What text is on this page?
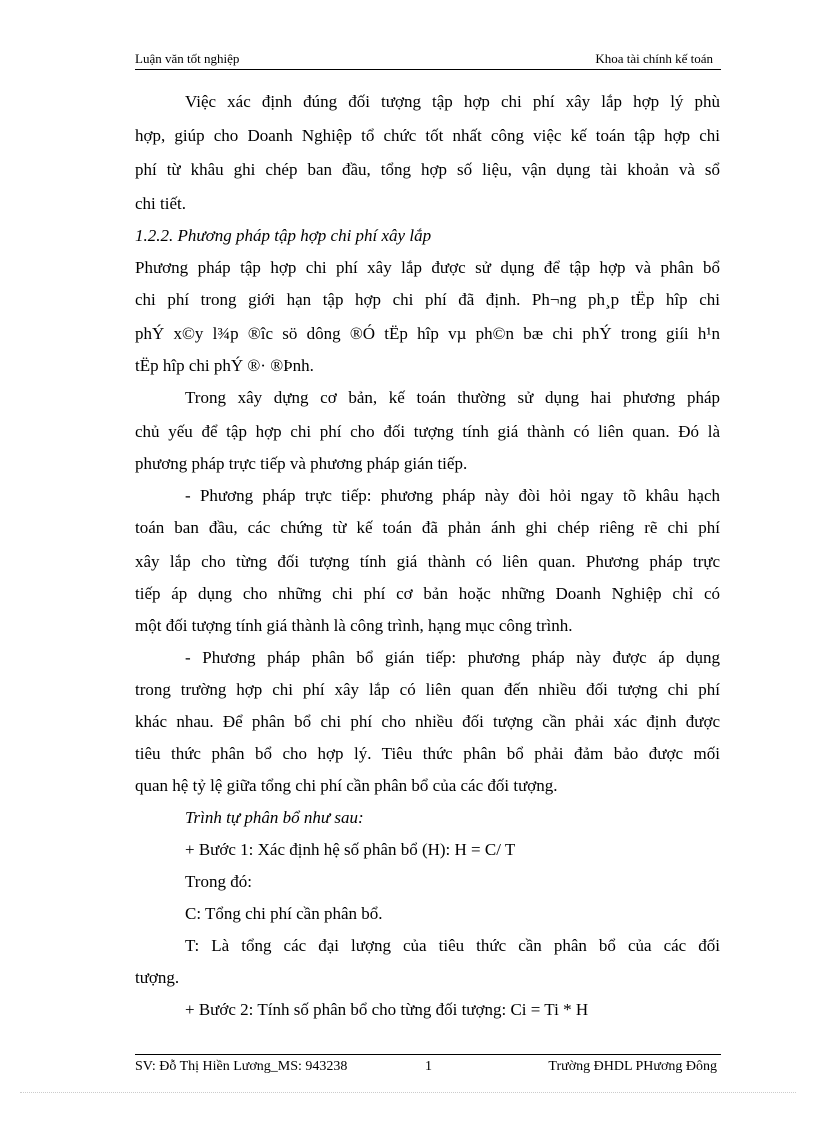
Luận văn tốt nghiệp	Khoa tài chính kế toán
Việc xác định đúng đối tượng tập hợp chi phí xây lắp hợp lý phù
hợp, giúp cho Doanh Nghiệp tổ chức tốt nhất công việc kế toán tập hợp chi
phí từ khâu ghi chép ban đầu, tổng hợp số liệu, vận dụng tài khoản và sổ
chi tiết.
1.2.2. Phương pháp tập hợp chi phí xây lắp
Phương pháp tập hợp chi phí xây lắp được sử dụng để tập hợp và phân bổ
chi phí trong giới hạn tập hợp chi phí đã định. Ph¬ng ph¸p tËp hîp chi
phÝ x©y l¾p ®îc sö dông ®Ó tËp hîp vµ ph©n bæ chi phÝ trong giíi h¹n
tËp hîp chi phÝ ®· ®Þnh.
Trong xây dựng cơ bản, kế toán thường sử dụng hai phương pháp
chủ yếu để tập hợp chi phí cho đối tượng tính giá thành có liên quan. Đó là
phương pháp trực tiếp và phương pháp gián tiếp.
- Phương pháp trực tiếp: phương pháp này đòi hỏi ngay tõ khâu hạch
toán ban đầu, các chứng từ kế toán đã phản ánh ghi chép riêng rẽ chi phí
xây lắp cho từng đối tượng tính giá thành có liên quan. Phương pháp trực
tiếp áp dụng cho những chi phí cơ bản hoặc những Doanh Nghiệp chỉ có
một đối tượng tính giá thành là công trình, hạng mục công trình.
- Phương pháp phân bổ gián tiếp: phương pháp này được áp dụng
trong trường hợp chi phí xây lắp có liên quan đến nhiều đối tượng chi phí
khác nhau. Để phân bổ chi phí cho nhiều đối tượng cần phải xác định được
tiêu thức phân bổ cho hợp lý. Tiêu thức phân bổ phải đảm bảo được mối
quan hệ tỷ lệ giữa tổng chi phí cần phân bổ của các đối tượng.
Trình tự phân bổ như sau:
+ Bước 1: Xác định hệ số phân bổ (H): H = C/ T
Trong đó:
C: Tổng chi phí cần phân bổ.
T: Là tổng các đại lượng của tiêu thức cần phân bổ của các đối
tượng.
+ Bước 2: Tính số phân bổ cho từng đối tượng: Ci = Ti * H
SV: Đỗ Thị Hiền Lương_MS: 943238	1	Trường ĐHDL PHương Đông
